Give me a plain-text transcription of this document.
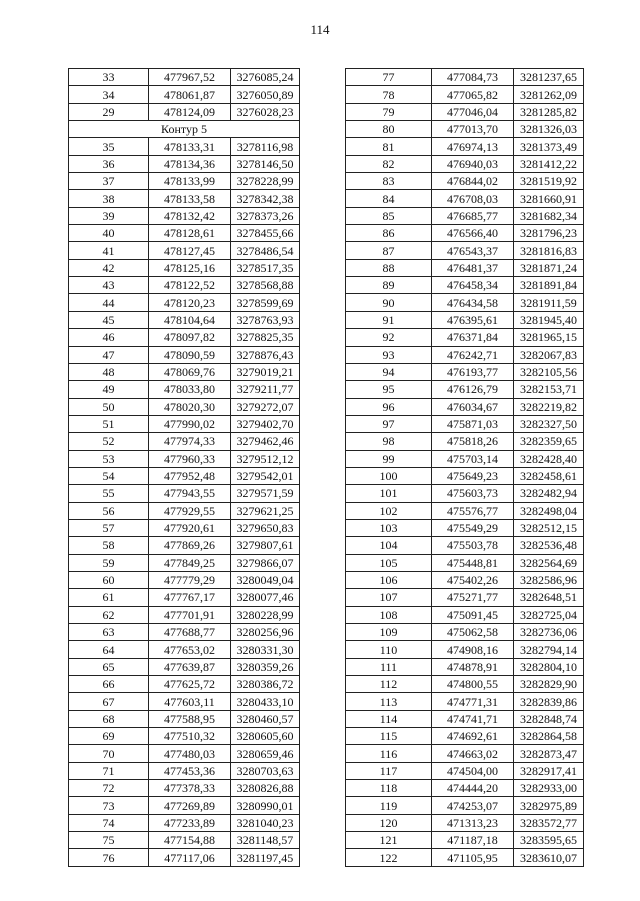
114
33	477967,52	3276085,24
34	478061,87	3276050,89
29	478124,09	3276028,23
Контур 5		
35	478133,31	3278116,98
36	478134,36	3278146,50
37	478133,99	3278228,99
38	478133,58	3278342,38
39	478132,42	3278373,26
40	478128,61	3278455,66
41	478127,45	3278486,54
42	478125,16	3278517,35
43	478122,52	3278568,88
44	478120,23	3278599,69
45	478104,64	3278763,93
46	478097,82	3278825,35
47	478090,59	3278876,43
48	478069,76	3279019,21
49	478033,80	3279211,77
50	478020,30	3279272,07
51	477990,02	3279402,70
52	477974,33	3279462,46
53	477960,33	3279512,12
54	477952,48	3279542,01
55	477943,55	3279571,59
56	477929,55	3279621,25
57	477920,61	3279650,83
58	477869,26	3279807,61
59	477849,25	3279866,07
60	477779,29	3280049,04
61	477767,17	3280077,46
62	477701,91	3280228,99
63	477688,77	3280256,96
64	477653,02	3280331,30
65	477639,87	3280359,26
66	477625,72	3280386,72
67	477603,11	3280433,10
68	477588,95	3280460,57
69	477510,32	3280605,60
70	477480,03	3280659,46
71	477453,36	3280703,63
72	477378,33	3280826,88
73	477269,89	3280990,01
74	477233,89	3281040,23
75	477154,88	3281148,57
76	477117,06	3281197,45
77	477084,73	3281237,65
78	477065,82	3281262,09
79	477046,04	3281285,82
80	477013,70	3281326,03
81	476974,13	3281373,49
82	476940,03	3281412,22
83	476844,02	3281519,92
84	476708,03	3281660,91
85	476685,77	3281682,34
86	476566,40	3281796,23
87	476543,37	3281816,83
88	476481,37	3281871,24
89	476458,34	3281891,84
90	476434,58	3281911,59
91	476395,61	3281945,40
92	476371,84	3281965,15
93	476242,71	3282067,83
94	476193,77	3282105,56
95	476126,79	3282153,71
96	476034,67	3282219,82
97	475871,03	3282327,50
98	475818,26	3282359,65
99	475703,14	3282428,40
100	475649,23	3282458,61
101	475603,73	3282482,94
102	475576,77	3282498,04
103	475549,29	3282512,15
104	475503,78	3282536,48
105	475448,81	3282564,69
106	475402,26	3282586,96
107	475271,77	3282648,51
108	475091,45	3282725,04
109	475062,58	3282736,06
110	474908,16	3282794,14
111	474878,91	3282804,10
112	474800,55	3282829,90
113	474771,31	3282839,86
114	474741,71	3282848,74
115	474692,61	3282864,58
116	474663,02	3282873,47
117	474504,00	3282917,41
118	474444,20	3282933,00
119	474253,07	3282975,89
120	471313,23	3283572,77
121	471187,18	3283595,65
122	471105,95	3283610,07
